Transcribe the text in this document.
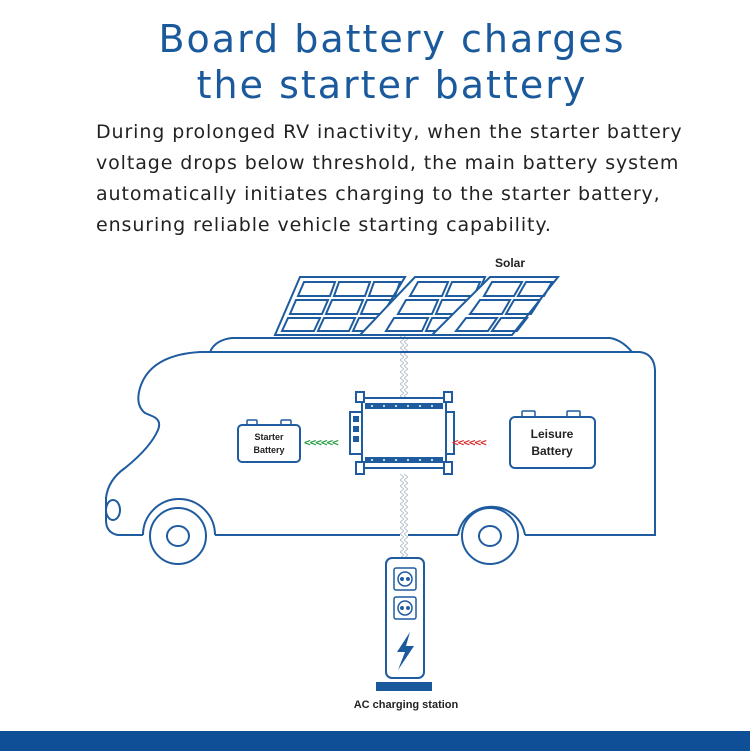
Board battery charges
the starter battery
During prolonged RV inactivity, when the starter battery
voltage drops below threshold, the main battery system
automatically initiates charging to the starter battery,
ensuring reliable vehicle starting capability.
Solar
Starter
Battery
<<<<<<	<<<<<<
Leisure
Battery
AC charging station
